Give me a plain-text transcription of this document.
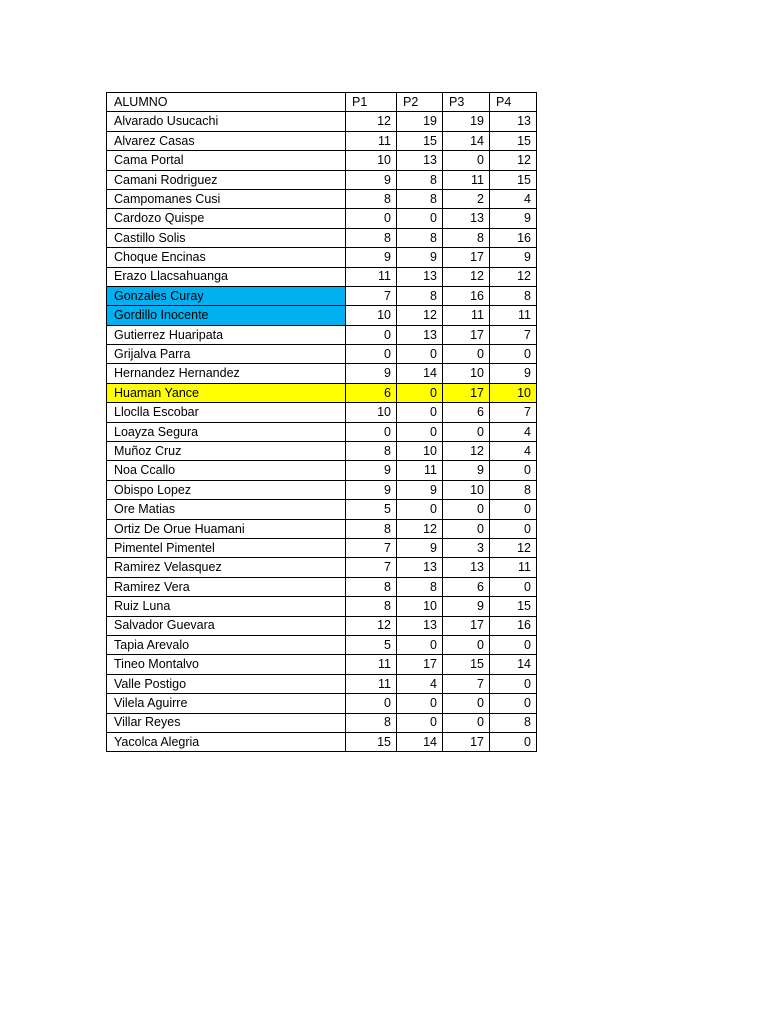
ALUMNO	P1	P2	P3	P4
Alvarado Usucachi	12	19	19	13
Alvarez Casas	11	15	14	15
Cama Portal	10	13	0	12
Camani Rodriguez	9	8	11	15
Campomanes Cusi	8	8	2	4
Cardozo Quispe	0	0	13	9
Castillo Solis	8	8	8	16
Choque Encinas	9	9	17	9
Erazo Llacsahuanga	11	13	12	12
Gonzales Curay	7	8	16	8
Gordillo Inocente	10	12	11	11
Gutierrez Huaripata	0	13	17	7
Grijalva Parra	0	0	0	0
Hernandez Hernandez	9	14	10	9
Huaman Yance	6	0	17	10
Lloclla Escobar	10	0	6	7
Loayza Segura	0	0	0	4
Muñoz Cruz	8	10	12	4
Noa Ccallo	9	11	9	0
Obispo Lopez	9	9	10	8
Ore Matias	5	0	0	0
Ortiz De Orue Huamani	8	12	0	0
Pimentel Pimentel	7	9	3	12
Ramirez Velasquez	7	13	13	11
Ramirez Vera	8	8	6	0
Ruiz Luna	8	10	9	15
Salvador Guevara	12	13	17	16
Tapia Arevalo	5	0	0	0
Tineo Montalvo	11	17	15	14
Valle Postigo	11	4	7	0
Vilela Aguirre	0	0	0	0
Villar Reyes	8	0	0	8
Yacolca Alegria	15	14	17	0
